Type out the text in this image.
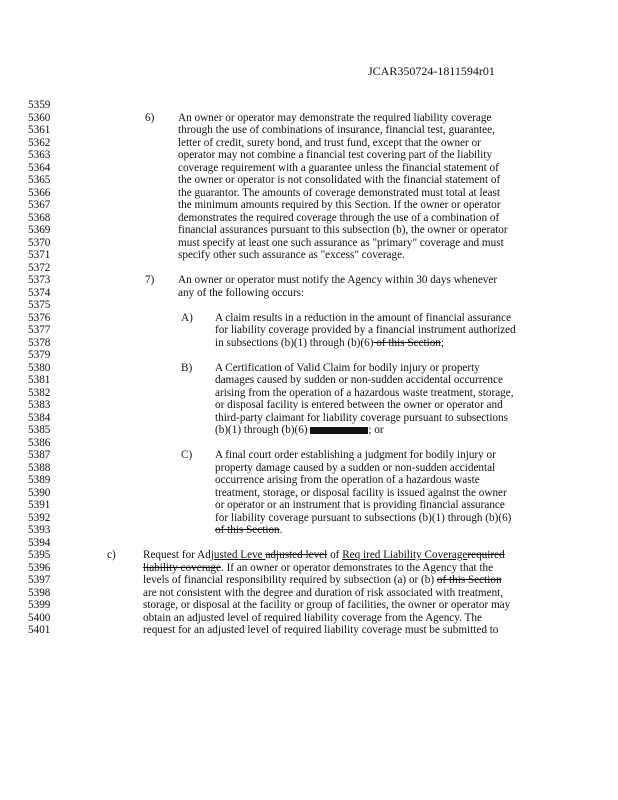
JCAR350724-1811594r01
5359
5360	6) An owner or operator may demonstrate the required liability coverage
5361	through the use of combinations of insurance, financial test, guarantee,
5362	letter of credit, surety bond, and trust fund, except that the owner or
5363	operator may not combine a financial test covering part of the liability
5364	coverage requirement with a guarantee unless the financial statement of
5365	the owner or operator is not consolidated with the financial statement of
5366	the guarantor. The amounts of coverage demonstrated must total at least
5367	the minimum amounts required by this Section. If the owner or operator
5368	demonstrates the required coverage through the use of a combination of
5369	financial assurances pursuant to this subsection (b), the owner or operator
5370	must specify at least one such assurance as "primary" coverage and must
5371	specify other such assurance as "excess" coverage.
5372
5373	7) An owner or operator must notify the Agency within 30 days whenever
5374	any of the following occurs:
5375
5376	A) A claim results in a reduction in the amount of financial assurance
5377	for liability coverage provided by a financial instrument authorized
5378	in subsections (b)(1) through (b)(6) of this Section;
5379
5380	B) A Certification of Valid Claim for bodily injury or property
5381	damages caused by sudden or non-sudden accidental occurrence
5382	arising from the operation of a hazardous waste treatment, storage,
5383	or disposal facility is entered between the owner or operator and
5384	third-party claimant for liability coverage pursuant to subsections
5385	(b)(1) through (b)(6)	; or
5386
5387	C) A final court order establishing a judgment for bodily injury or
5388	property damage caused by a sudden or non-sudden accidental
5389	occurrence arising from the operation of a hazardous waste
5390	treatment, storage, or disposal facility is issued against the owner
5391	or operator or an instrument that is providing financial assurance
5392	for liability coverage pursuant to subsections (b)(1) through (b)(6)
5393	of this Section.
5394
5395	c) Request for Adjusted Leve adjusted level of Req ired Liability Coveragerequired
5396	liability coverage. If an owner or operator demonstrates to the Agency that the
5397	levels of financial responsibility required by subsection (a) or (b) of this Section
5398	are not consistent with the degree and duration of risk associated with treatment,
5399	storage, or disposal at the facility or group of facilities, the owner or operator may
5400	obtain an adjusted level of required liability coverage from the Agency. The
5401	request for an adjusted level of required liability coverage must be submitted to
